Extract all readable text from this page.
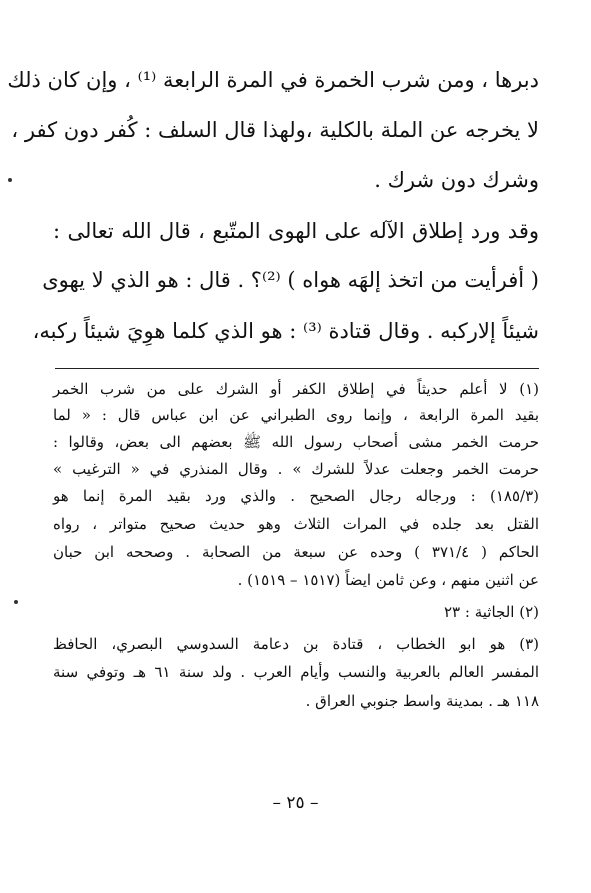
دبرها ، ومن شرب الخمرة في المرة الرابعة ⁽¹⁾ ، وإن كان ذلك
لا يخرجه عن الملة بالكلية ،ولهذا قال السلف : كُفر دون كفر ،
وشرك دون شرك .
وقد ورد إطلاق الآله على الهوى المتّبع ، قال الله تعالى :
( أفرأيت من اتخذ إلهَه هواه ) ⁽²⁾؟ . قال : هو الذي لا يهوى
شيئاً إلاركبه . وقال قتادة ⁽³⁾ : هو الذي كلما هوِيَ شيئاً ركبه،
(١) لا أعلم حديثاً في إطلاق الكفر أو الشرك على من شرب الخمر
بقيد المرة الرابعة ، وإنما روى الطبراني عن ابن عباس قال : « لما
حرمت الخمر مشى أصحاب رسول الله ﷺ بعضهم الى بعض، وقالوا :
حرمت الخمر وجعلت عدلاً للشرك » . وقال المنذري في « الترغيب »
(١٨٥/٣) : ورجاله رجال الصحيح . والذي ورد بقيد المرة إنما هو
القتل بعد جلده في المرات الثلاث وهو حديث صحيح متواتر ، رواه
الحاكم ( ٣٧١/٤ ) وحده عن سبعة من الصحابة . وصححه ابن حبان
عن اثنين منهم ، وعن ثامن ايضاً (١٥١٧ – ١٥١٩) .
(٢) الجاثية : ٢٣
(٣) هو ابو الخطاب ، قتادة بن دعامة السدوسي البصري، الحافظ
المفسر العالم بالعربية والنسب وأيام العرب . ولد سنة ٦١ هـ وتوفي سنة
١١٨ هـ . بمدينة واسط جنوبي العراق .
– ٢٥ –
